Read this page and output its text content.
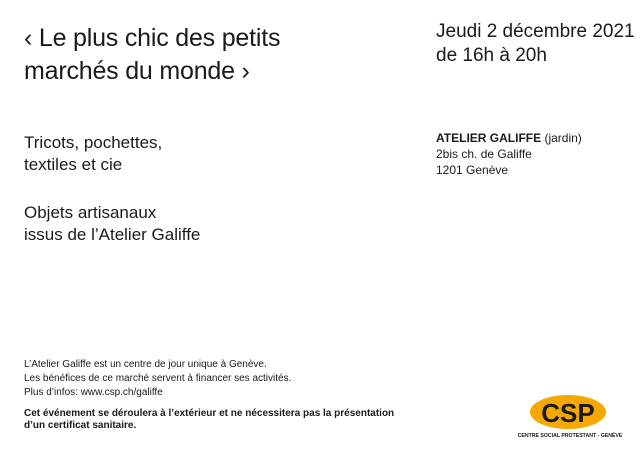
‹ Le plus chic des petits
marchés du monde ›
Jeudi 2 décembre 2021
de 16h à 20h
Tricots, pochettes,
textiles et cie
Objets artisanaux
issus de l’Atelier Galiffe
ATELIER GALIFFE (jardin)
2bis ch. de Galiffe
1201 Genève
L’Atelier Galiffe est un centre de jour unique à Genève.
Les bénéfices de ce marché servent à financer ses activités.
Plus d’infos: www.csp.ch/galiffe
Cet événement se déroulera à l’extérieur et ne nécessitera pas la présentation
d’un certificat sanitaire.	CSP
CENTRE SOCIAL PROTESTANT - GENÈVE
